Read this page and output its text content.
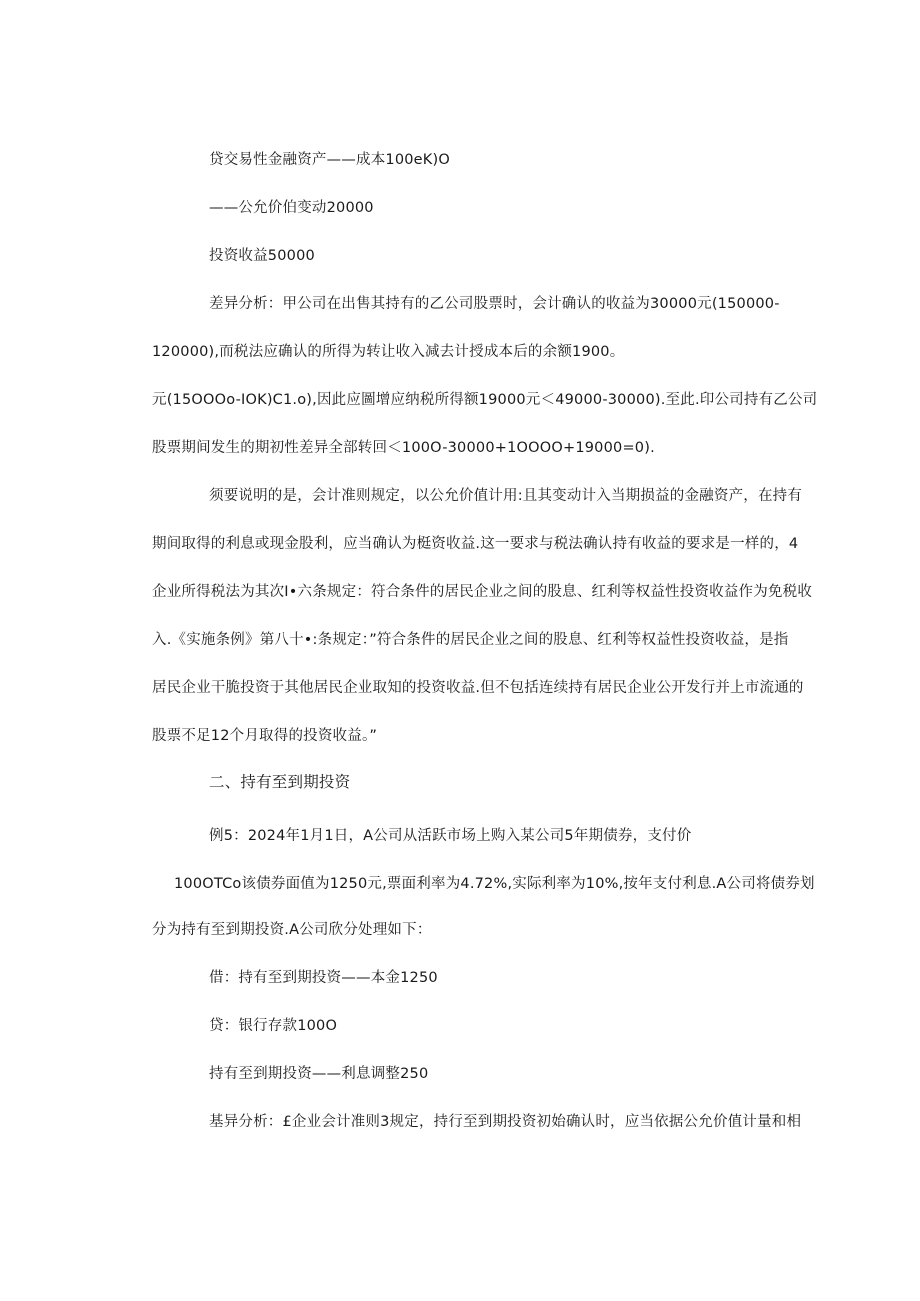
贷交易性金融资产——成本100eK)O
——公允价伯变动20000
投资收益50000
差异分析：甲公司在出售其持有的乙公司股票时，会计确认的收益为30000元(150000-
120000),而税法应确认的所得为转让收入减去计授成本后的余额1900。
元(15OOOo-IOK)C1.o),因此应圖增应纳税所得额19000元＜49000-30000).至此.印公司持有乙公司
股票期间发生的期初性差异全部转回＜100O-30000+1OOOO+19000=0).
须要说明的是，会计准则规定，以公允价值计用:且其变动计入当期损益的金融资产，在持有
期间取得的利息或现金股利，应当确认为梃资收益.这一要求与税法确认持有收益的要求是一样的，4
企业所得税法为其次I•六条规定：符合条件的居民企业之间的股息、红利等权益性投资收益作为免税收
入.《实施条例》第八十•:条规定：”符合条件的居民企业之间的股息、红利等权益性投资收益，是指
居民企业干脆投资于其他居民企业取知的投资收益.但不包括连续持有居民企业公开发行并上市流通的
股票不足12个月取得的投资收益。”
二、持有至到期投资
例5：2024年1月1日，A公司从活跃市场上购入某公司5年期债券，支付价
100OTCo该债券面值为1250元,票面利率为4.72%,实际利率为10%,按年支付利息.A公司将债券划
分为持有至到期投资.A公司欣分处理如下：
借：持有至到期投资——本金1250
贷：银行存款100O
持有至到期投资——利息调整250
基异分析：£企业会计准则3规定，持行至到期投资初始确认时，应当依据公允价值计量和相
